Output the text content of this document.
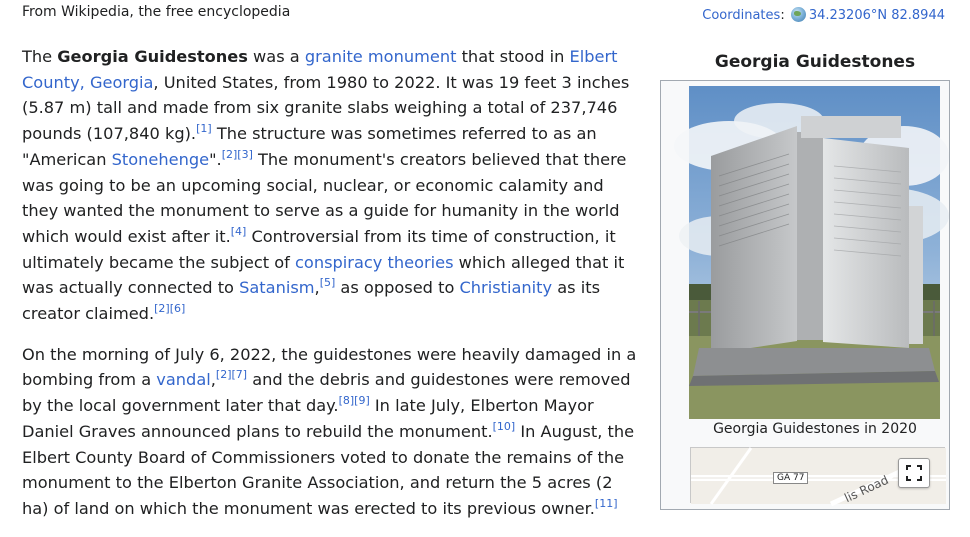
From Wikipedia, the free encyclopedia	Coordinates: 34.23206°N 82.8944

The Georgia Guidestones was a granite monument that stood in Elbert County, Georgia, United States, from 1980 to 2022. It was 19 feet 3 inches (5.87 m) tall and made from six granite slabs weighing a total of 237,746 pounds (107,840 kg).[1] The structure was sometimes referred to as an "American Stonehenge".[2][3] The monument's creators believed that there was going to be an upcoming social, nuclear, or economic calamity and they wanted the monument to serve as a guide for humanity in the world which would exist after it.[4] Controversial from its time of construction, it ultimately became the subject of conspiracy theories which alleged that it was actually connected to Satanism,[5] as opposed to Christianity as its creator claimed.[2][6]

On the morning of July 6, 2022, the guidestones were heavily damaged in a bombing from a vandal,[2][7] and the debris and guidestones were removed by the local government later that day.[8][9] In late July, Elberton Mayor Daniel Graves announced plans to rebuild the monument.[10] In August, the Elbert County Board of Commissioners voted to donate the remains of the monument to the Elberton Granite Association, and return the 5 acres (2 ha) of land on which the monument was erected to its previous owner.[11]

Georgia Guidestones
Georgia Guidestones in 2020
GA 77	lis Road
